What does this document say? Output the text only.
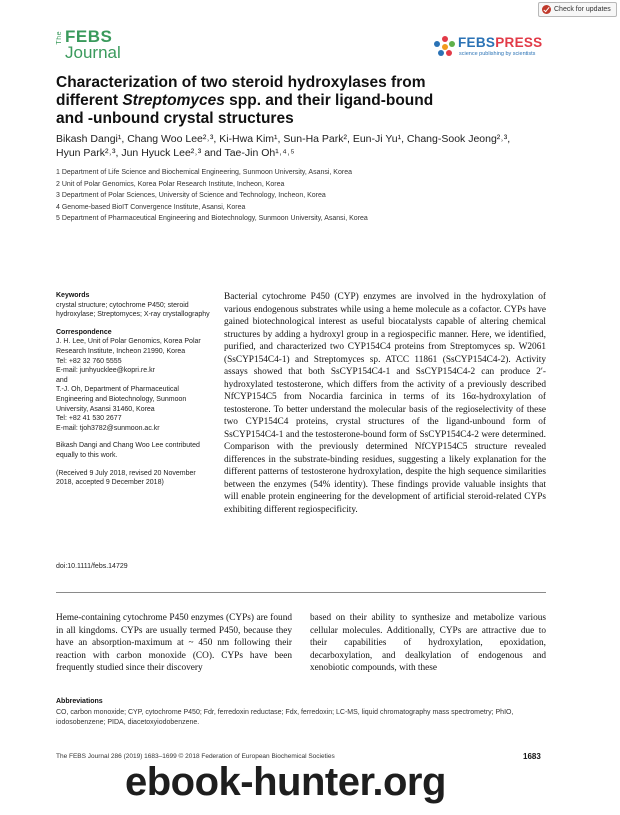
Check for updates
The FEBS
Journal
FEBSPRESS
science publishing by scientists
Characterization of two steroid hydroxylases from
different Streptomyces spp. and their ligand-bound
and -unbound crystal structures
Bikash Dangi¹, Chang Woo Lee²˒³, Ki-Hwa Kim¹, Sun-Ha Park², Eun-Ji Yu¹, Chang-Sook Jeong²˒³,
Hyun Park²˒³, Jun Hyuck Lee²˒³ and Tae-Jin Oh¹˒⁴˒⁵
1 Department of Life Science and Biochemical Engineering, Sunmoon University, Asansi, Korea
2 Unit of Polar Genomics, Korea Polar Research Institute, Incheon, Korea
3 Department of Polar Sciences, University of Science and Technology, Incheon, Korea
4 Genome-based BioIT Convergence Institute, Asansi, Korea
5 Department of Pharmaceutical Engineering and Biotechnology, Sunmoon University, Asansi, Korea
Keywords
crystal structure; cytochrome P450; steroid hydroxylase; Streptomyces; X-ray crystallography
Correspondence
J. H. Lee, Unit of Polar Genomics, Korea Polar Research Institute, Incheon 21990, Korea
Tel: +82 32 760 5555
E-mail: junhyucklee@kopri.re.kr
and
T.-J. Oh, Department of Pharmaceutical Engineering and Biotechnology, Sunmoon University, Asansi 31460, Korea
Tel: +82 41 530 2677
E-mail: tjoh3782@sunmoon.ac.kr
Bikash Dangi and Chang Woo Lee contributed equally to this work.
(Received 9 July 2018, revised 20 November 2018, accepted 9 December 2018)
doi:10.1111/febs.14729

Bacterial cytochrome P450 (CYP) enzymes are involved in the hydroxylation of various endogenous substrates while using a heme molecule as a cofactor. CYPs have gained biotechnological interest as useful biocatalysts capable of altering chemical structures by adding a hydroxyl group in a regiospecific manner. Here, we identified, purified, and characterized two CYP154C4 proteins from Streptomyces sp. W2061 (SsCYP154C4-1) and Streptomyces sp. ATCC 11861 (SsCYP154C4-2). Activity assays showed that both SsCYP154C4-1 and SsCYP154C4-2 can produce 2′-hydroxylated testosterone, which differs from the activity of a previously described NfCYP154C5 from Nocardia farcinica in terms of its 16α-hydroxylation of testosterone. To better understand the molecular basis of the regioselectivity of these two CYP154C4 proteins, crystal structures of the ligand-unbound form of SsCYP154C4-1 and the testosterone-bound form of SsCYP154C4-2 were determined. Comparison with the previously determined NfCYP154C5 structure revealed differences in the substrate-binding residues, suggesting a likely explanation for the different patterns of testosterone hydroxylation, despite the high sequence similarities between the enzymes (54% identity). These findings provide valuable insights that will enable protein engineering for the development of artificial steroid-related CYPs exhibiting different regiospecificity.

Heme-containing cytochrome P450 enzymes (CYPs) are found in all kingdoms. CYPs are usually termed P450, because they have an absorption-maximum at ~ 450 nm following their reaction with carbon monoxide (CO). CYPs have been frequently studied since their discovery

based on their ability to synthesize and metabolize various cellular molecules. Additionally, CYPs are attractive due to their capabilities of hydroxylation, epoxidation, decarboxylation, and dealkylation of endogenous and xenobiotic compounds, with these

Abbreviations
CO, carbon monoxide; CYP, cytochrome P450; Fdr, ferredoxin reductase; Fdx, ferredoxin; LC-MS, liquid chromatography mass spectrometry; PhIO, iodosobenzene; PIDA, diacetoxyiodobenzene.
The FEBS Journal 286 (2019) 1683–1699 © 2018 Federation of European Biochemical Societies	1683
ebook-hunter.org
